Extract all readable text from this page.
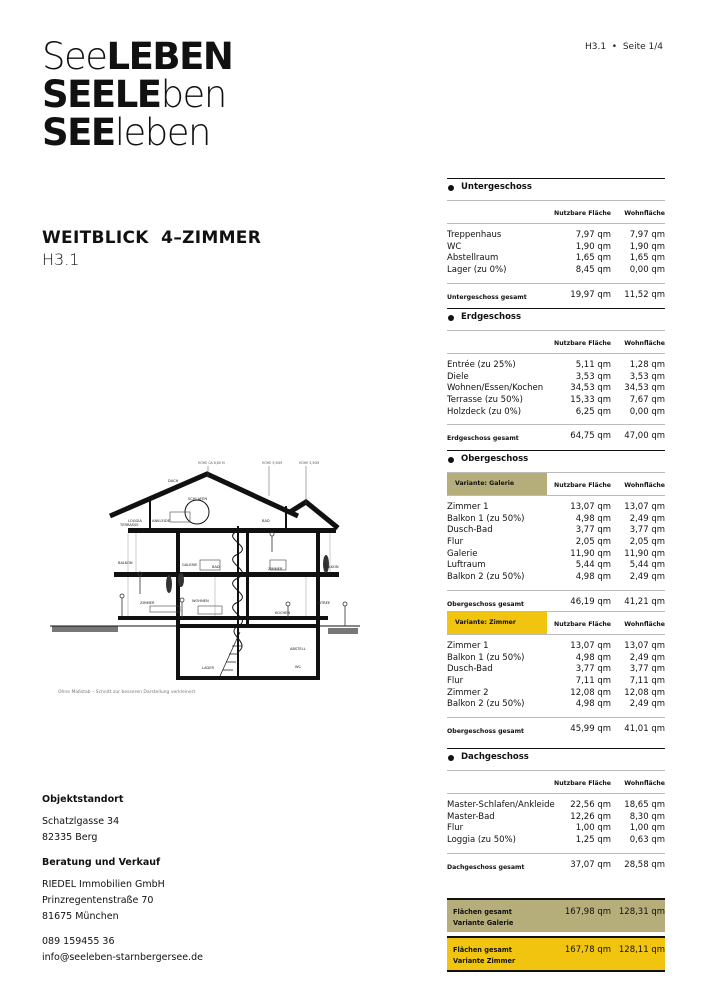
SeeLEBEN
SEELEben
SEEleben
H3.1  •  Seite 1/4
WEITBLICK  4–ZIMMER
H3.1
HÖHE CA 8,80 M	HÖHE 5,50M	HÖHE 5,50M
DACH
SCHLAFEN
BAD
ANKLEIDE
LOGGIA
TERRASSE
GALERIE
BALKON
BALKON
BAD	ZIMMER
ZIMMER	WOHNEN
ESSEN
KOCHEN
ENTREE
LAGER	WC
ABSTELL
Ohne Maßstab – Schnitt zur besseren Darstellung verkleinert
Objektstandort
Schatzlgasse 34
82335 Berg
Beratung und Verkauf
RIEDEL Immobilien GmbH
Prinzregentenstraße 70
81675 München
089 159455 36
info@seeleben-starnbergersee.de
Untergeschoss
Nutzbare Fläche Wohnfläche
Treppenhaus	7,97 qm 7,97 qm
WC	1,90 qm 1,90 qm
Abstellraum	1,65 qm 1,65 qm
Lager (zu 0%)	8,45 qm 0,00 qm
Untergeschoss gesamt	19,97 qm 11,52 qm
Erdgeschoss
Nutzbare Fläche Wohnfläche
Entrée (zu 25%)	5,11 qm 1,28 qm
Diele	3,53 qm 3,53 qm
Wohnen/Essen/Kochen	34,53 qm 34,53 qm
Terrasse (zu 50%)	15,33 qm 7,67 qm
Holzdeck (zu 0%)	6,25 qm 0,00 qm
Erdgeschoss gesamt	64,75 qm 47,00 qm
Obergeschoss
Variante: Galerie	Nutzbare Fläche Wohnfläche
Zimmer 1	13,07 qm 13,07 qm
Balkon 1 (zu 50%)	4,98 qm 2,49 qm
Dusch-Bad	3,77 qm 3,77 qm
Flur	2,05 qm 2,05 qm
Galerie	11,90 qm 11,90 qm
Luftraum	5,44 qm 5,44 qm
Balkon 2 (zu 50%)	4,98 qm 2,49 qm
Obergeschoss gesamt	46,19 qm 41,21 qm
Variante: Zimmer	Nutzbare Fläche Wohnfläche
Zimmer 1	13,07 qm 13,07 qm
Balkon 1 (zu 50%)	4,98 qm 2,49 qm
Dusch-Bad	3,77 qm 3,77 qm
Flur	7,11 qm 7,11 qm
Zimmer 2	12,08 qm 12,08 qm
Balkon 2 (zu 50%)	4,98 qm 2,49 qm
Obergeschoss gesamt	45,99 qm 41,01 qm
Dachgeschoss
Nutzbare Fläche Wohnfläche
Master-Schlafen/Ankleide 22,56 qm 18,65 qm
Master-Bad	12,26 qm 8,30 qm
Flur	1,00 qm 1,00 qm
Loggia (zu 50%)	1,25 qm 0,63 qm
Dachgeschoss gesamt	37,07 qm 28,58 qm
Flächen gesamt
Variante Galerie
167,98 qm 128,31 qm
Flächen gesamt
Variante Zimmer
167,78 qm 128,11 qm
